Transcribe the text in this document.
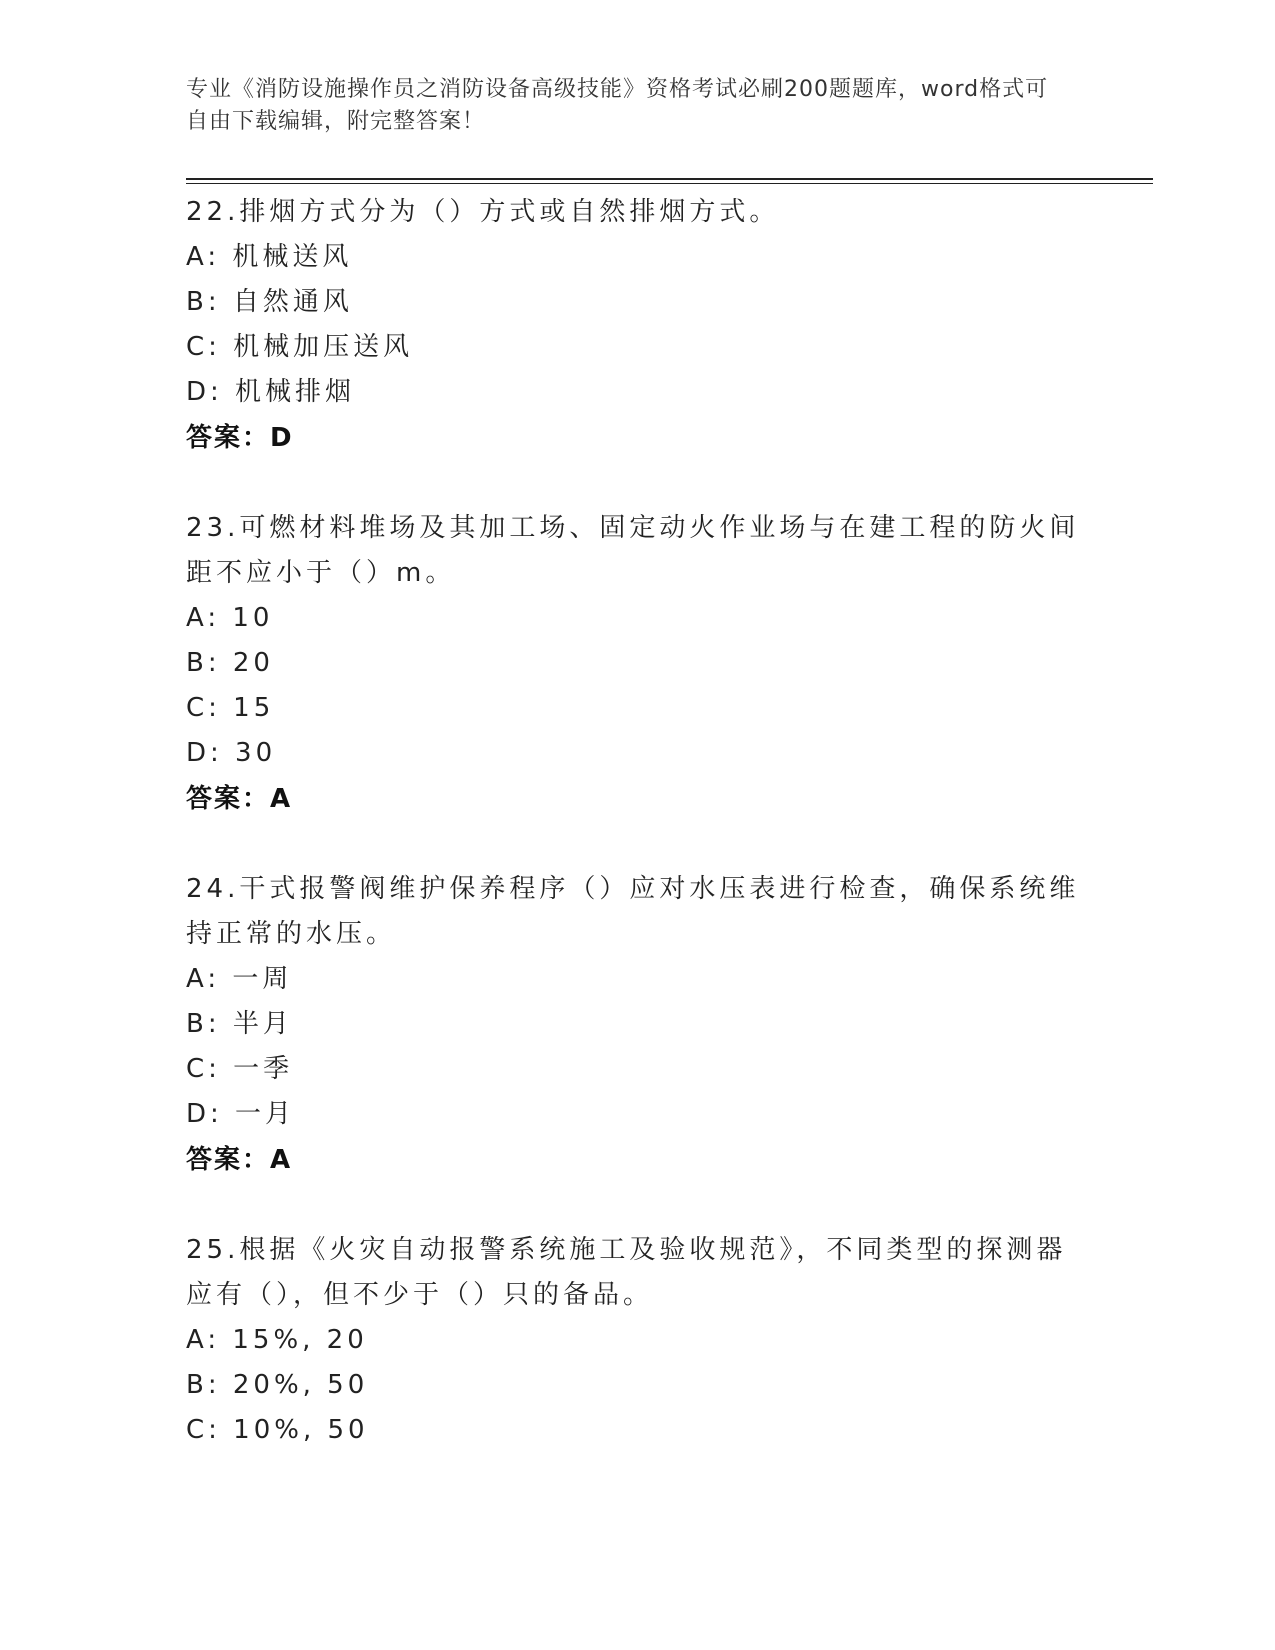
专业《消防设施操作员之消防设备高级技能》资格考试必刷200题题库，word格式可自由下载编辑，附完整答案！
22.排烟方式分为（）方式或自然排烟方式。
A: 机械送风
B: 自然通风
C: 机械加压送风
D: 机械排烟
答案：D
23.可燃材料堆场及其加工场、固定动火作业场与在建工程的防火间距不应小于（）m。
A: 10
B: 20
C: 15
D: 30
答案：A
24.干式报警阀维护保养程序（）应对水压表进行检查，确保系统维持正常的水压。
A: 一周
B: 半月
C: 一季
D: 一月
答案：A
25.根据《火灾自动报警系统施工及验收规范》，不同类型的探测器应有（），但不少于（）只的备品。
A: 15%, 20
B: 20%, 50
C: 10%, 50
